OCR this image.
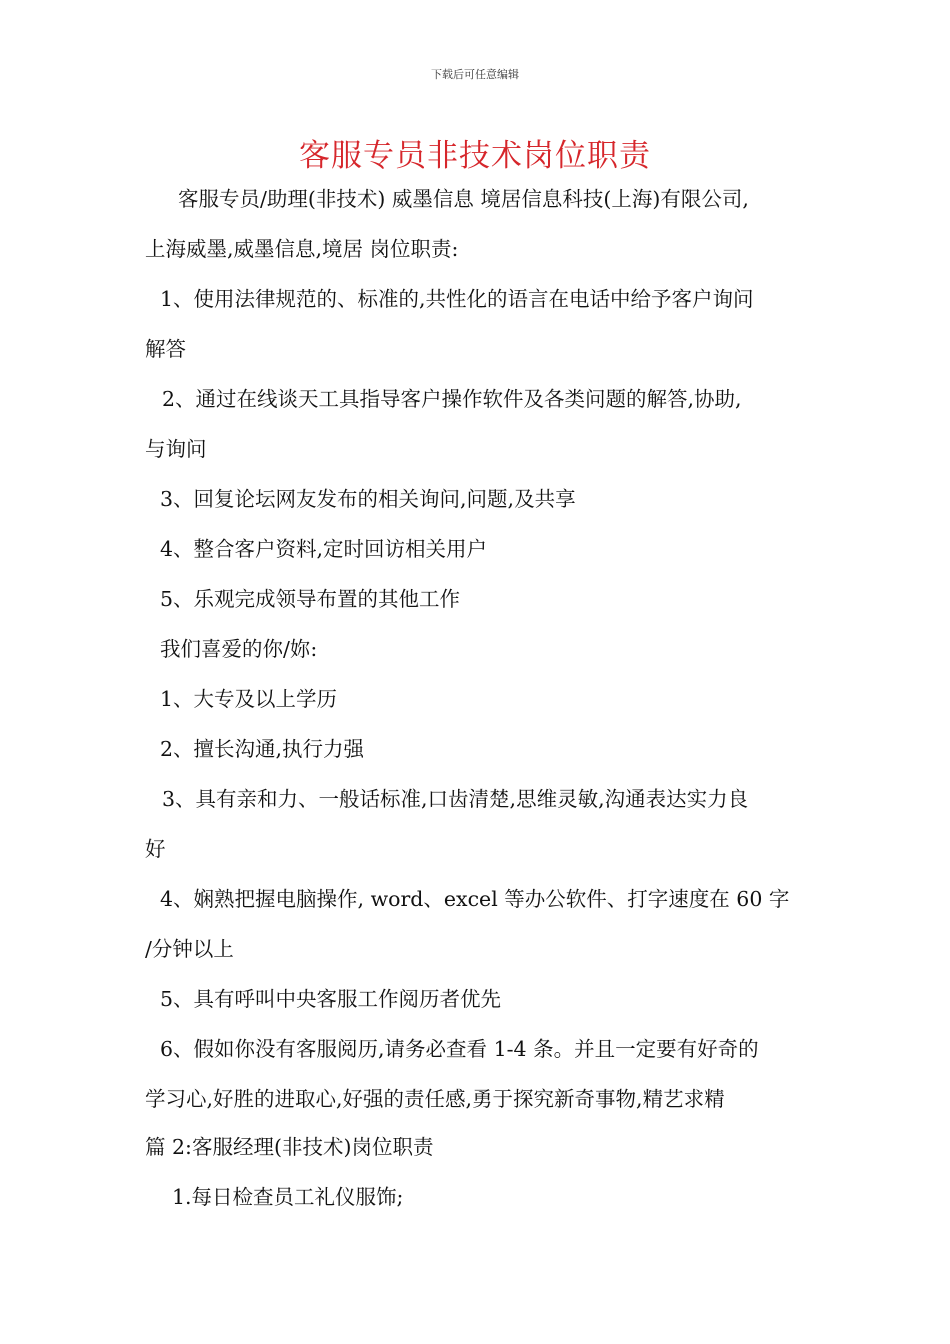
下载后可任意编辑
客服专员非技术岗位职责
客服专员/助理(非技术) 威墨信息 境居信息科技(上海)有限公司,
上海威墨,威墨信息,境居 岗位职责:
1、使用法律规范的、标准的,共性化的语言在电话中给予客户询问
解答
2、通过在线谈天工具指导客户操作软件及各类问题的解答,协助,
与询问
3、回复论坛网友发布的相关询问,问题,及共享
4、整合客户资料,定时回访相关用户
5、乐观完成领导布置的其他工作
我们喜爱的你/妳:
1、大专及以上学历
2、擅长沟通,执行力强
3、具有亲和力、一般话标准,口齿清楚,思维灵敏,沟通表达实力良
好
4、娴熟把握电脑操作, word、excel 等办公软件、打字速度在 60 字
/分钟以上
5、具有呼叫中央客服工作阅历者优先
6、假如你没有客服阅历,请务必查看 1-4 条。并且一定要有好奇的
学习心,好胜的进取心,好强的责任感,勇于探究新奇事物,精艺求精
篇 2:客服经理(非技术)岗位职责
1.每日检查员工礼仪服饰;
